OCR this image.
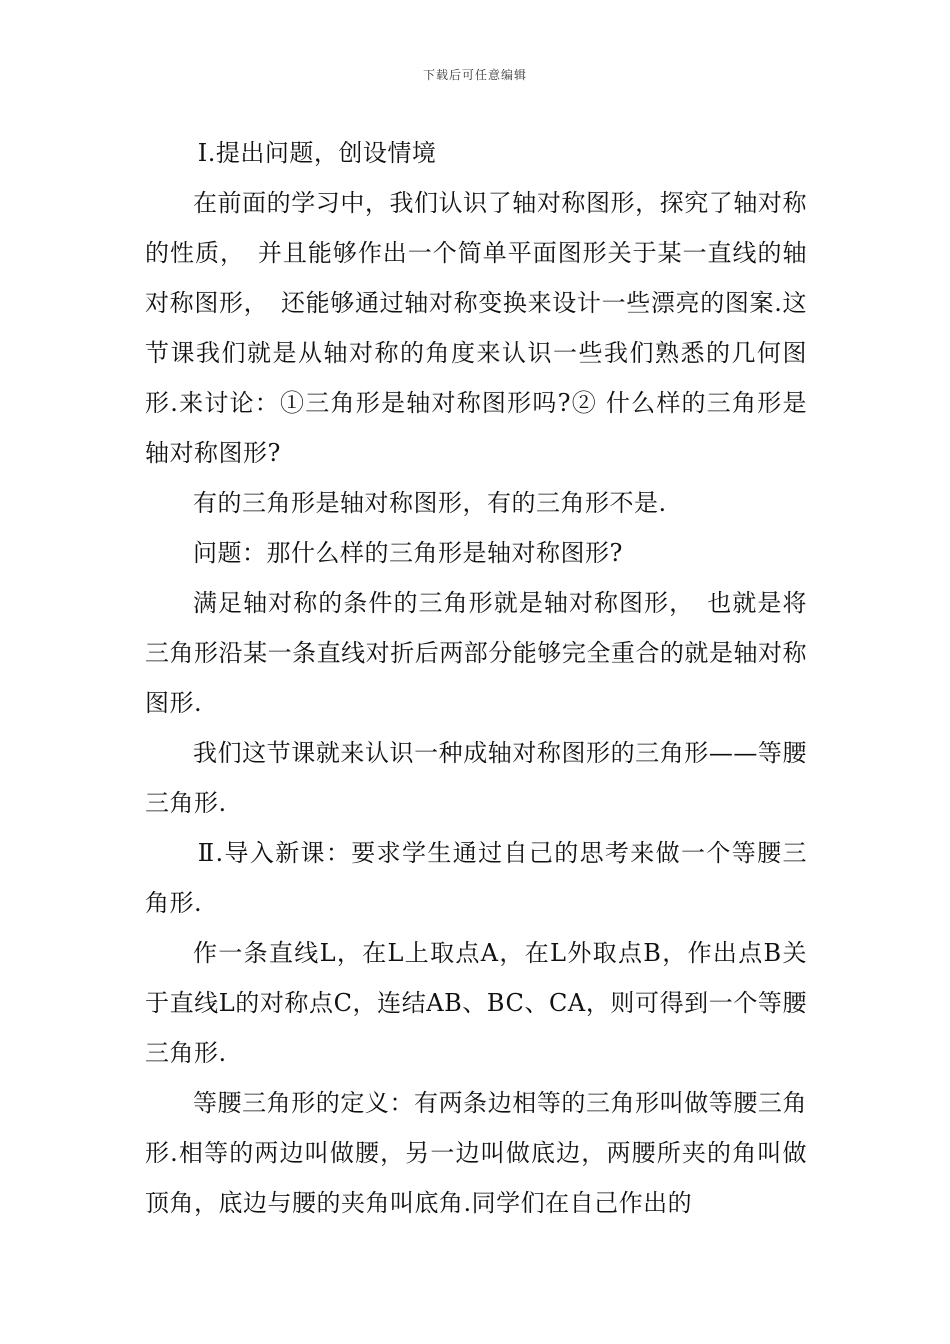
下载后可任意编辑

Ⅰ.提出问题，创设情境

在前面的学习中，我们认识了轴对称图形，探究了轴对称的性质，　并且能够作出一个简单平面图形关于某一直线的轴对称图形，　还能够通过轴对称变换来设计一些漂亮的图案.这节课我们就是从轴对称的角度来认识一些我们熟悉的几何图形.来讨论：①三角形是轴对称图形吗?② 什么样的三角形是轴对称图形?

有的三角形是轴对称图形，有的三角形不是.

问题：那什么样的三角形是轴对称图形?

满足轴对称的条件的三角形就是轴对称图形，　也就是将三角形沿某一条直线对折后两部分能够完全重合的就是轴对称图形.

我们这节课就来认识一种成轴对称图形的三角形——等腰三角形.

Ⅱ.导入新课：要求学生通过自己的思考来做一个等腰三角形.

作一条直线L，在L上取点A，在L外取点B，作出点B关于直线L的对称点C，连结AB、BC、CA，则可得到一个等腰三角形.

等腰三角形的定义：有两条边相等的三角形叫做等腰三角形.相等的两边叫做腰，另一边叫做底边，两腰所夹的角叫做顶角，底边与腰的夹角叫底角.同学们在自己作出的
